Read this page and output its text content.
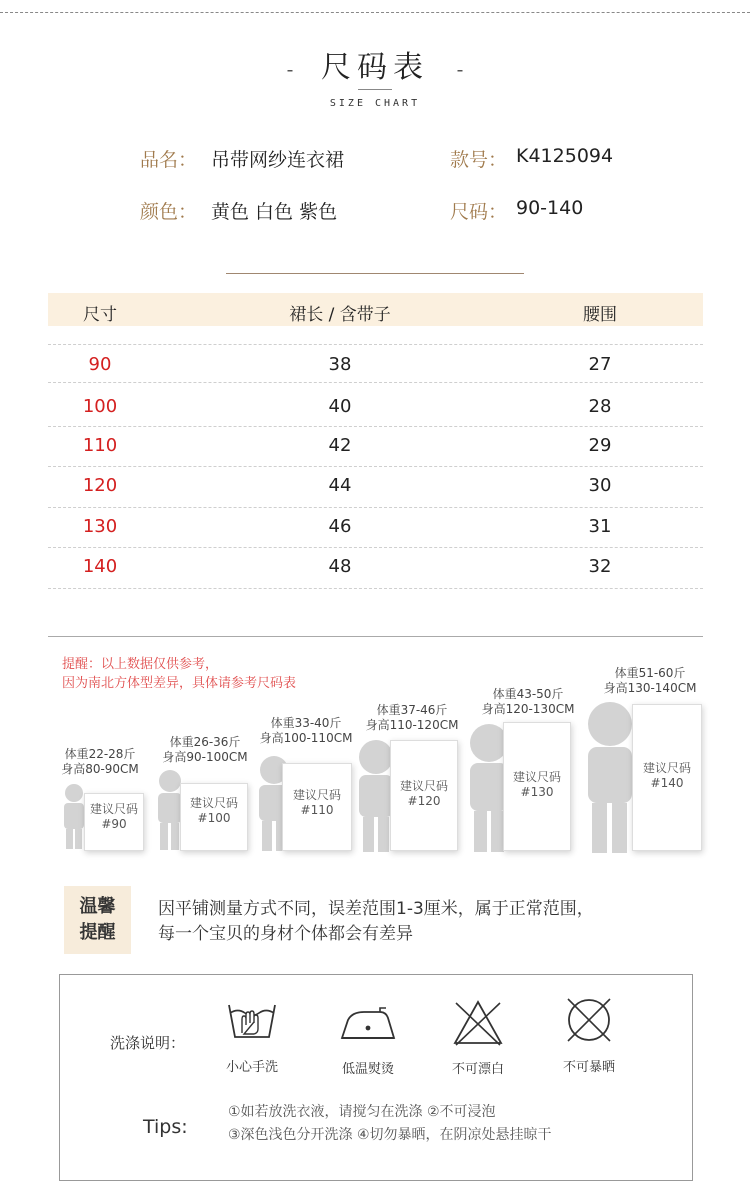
- 尺码表 -
SIZE CHART
品名： 吊带网纱连衣裙	款号： K4125094
颜色： 黄色 白色 紫色	尺码： 90-140
尺寸	裙长 / 含带子	腰围
90	38	27
100	40	28
110	42	29
120	44	30
130	46	31
140	48	32
提醒：以上数据仅供参考，
因为南北方体型差异，具体请参考尺码表
体重22-28斤
身高80-90CM
体重26-36斤
身高90-100CM
体重33-40斤
身高100-110CM
体重37-46斤
身高110-120CM
体重43-50斤
身高120-130CM
体重51-60斤
身高130-140CM
建议尺码
#90
建议尺码
#100
建议尺码
#110
建议尺码
#120
建议尺码
#130
建议尺码
#140
温馨
提醒
因平铺测量方式不同，误差范围1-3厘米，属于正常范围，
每一个宝贝的身材个体都会有差异
洗涤说明：
小心手洗	低温熨烫	不可漂白	不可暴晒
Tips:
①如若放洗衣液，请搅匀在洗涤 ②不可浸泡
③深色浅色分开洗涤 ④切勿暴晒，在阴凉处悬挂晾干
